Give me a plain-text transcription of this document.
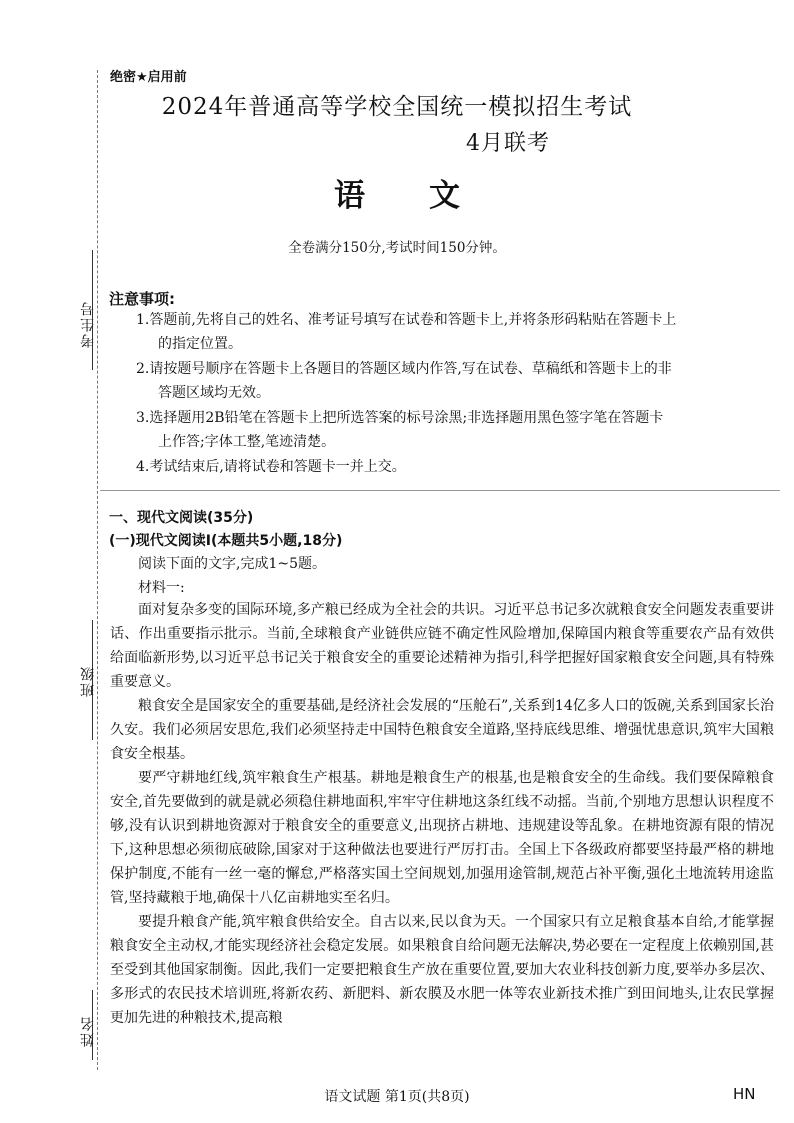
考生号
班级
姓名
绝密★启用前
2024年普通高等学校全国统一模拟招生考试
4月联考
语 文
全卷满分150分,考试时间150分钟。
注意事项:
1.答题前,先将自己的姓名、准考证号填写在试卷和答题卡上,并将条形码粘贴在答题卡上
的指定位置。
2.请按题号顺序在答题卡上各题目的答题区域内作答,写在试卷、草稿纸和答题卡上的非
答题区域均无效。
3.选择题用2B铅笔在答题卡上把所选答案的标号涂黑;非选择题用黑色签字笔在答题卡
上作答;字体工整,笔迹清楚。
4.考试结束后,请将试卷和答题卡一并上交。
一、现代文阅读(35分)
(一)现代文阅读Ⅰ(本题共5小题,18分)
阅读下面的文字,完成1~5题。
材料一:

面对复杂多变的国际环境,多产粮已经成为全社会的共识。习近平总书记多次就粮食安全问题发表重要讲话、作出重要指示批示。当前,全球粮食产业链供应链不确定性风险增加,保障国内粮食等重要农产品有效供给面临新形势,以习近平总书记关于粮食安全的重要论述精神为指引,科学把握好国家粮食安全问题,具有特殊重要意义。

粮食安全是国家安全的重要基础,是经济社会发展的“压舱石”,关系到14亿多人口的饭碗,关系到国家长治久安。我们必须居安思危,我们必须坚持走中国特色粮食安全道路,坚持底线思维、增强忧患意识,筑牢大国粮食安全根基。

要严守耕地红线,筑牢粮食生产根基。耕地是粮食生产的根基,也是粮食安全的生命线。我们要保障粮食安全,首先要做到的就是就必须稳住耕地面积,牢牢守住耕地这条红线不动摇。当前,个别地方思想认识程度不够,没有认识到耕地资源对于粮食安全的重要意义,出现挤占耕地、违规建设等乱象。在耕地资源有限的情况下,这种思想必须彻底破除,国家对于这种做法也要进行严厉打击。全国上下各级政府都要坚持最严格的耕地保护制度,不能有一丝一毫的懈怠,严格落实国土空间规划,加强用途管制,规范占补平衡,强化土地流转用途监管,坚持藏粮于地,确保十八亿亩耕地实至名归。

要提升粮食产能,筑牢粮食供给安全。自古以来,民以食为天。一个国家只有立足粮食基本自给,才能掌握粮食安全主动权,才能实现经济社会稳定发展。如果粮食自给问题无法解决,势必要在一定程度上依赖别国,甚至受到其他国家制衡。因此,我们一定要把粮食生产放在重要位置,要加大农业科技创新力度,要举办多层次、多形式的农民技术培训班,将新农药、新肥料、新农膜及水肥一体等农业新技术推广到田间地头,让农民掌握更加先进的种粮技术,提高粮

语文试题 第1页(共8页)	HN
